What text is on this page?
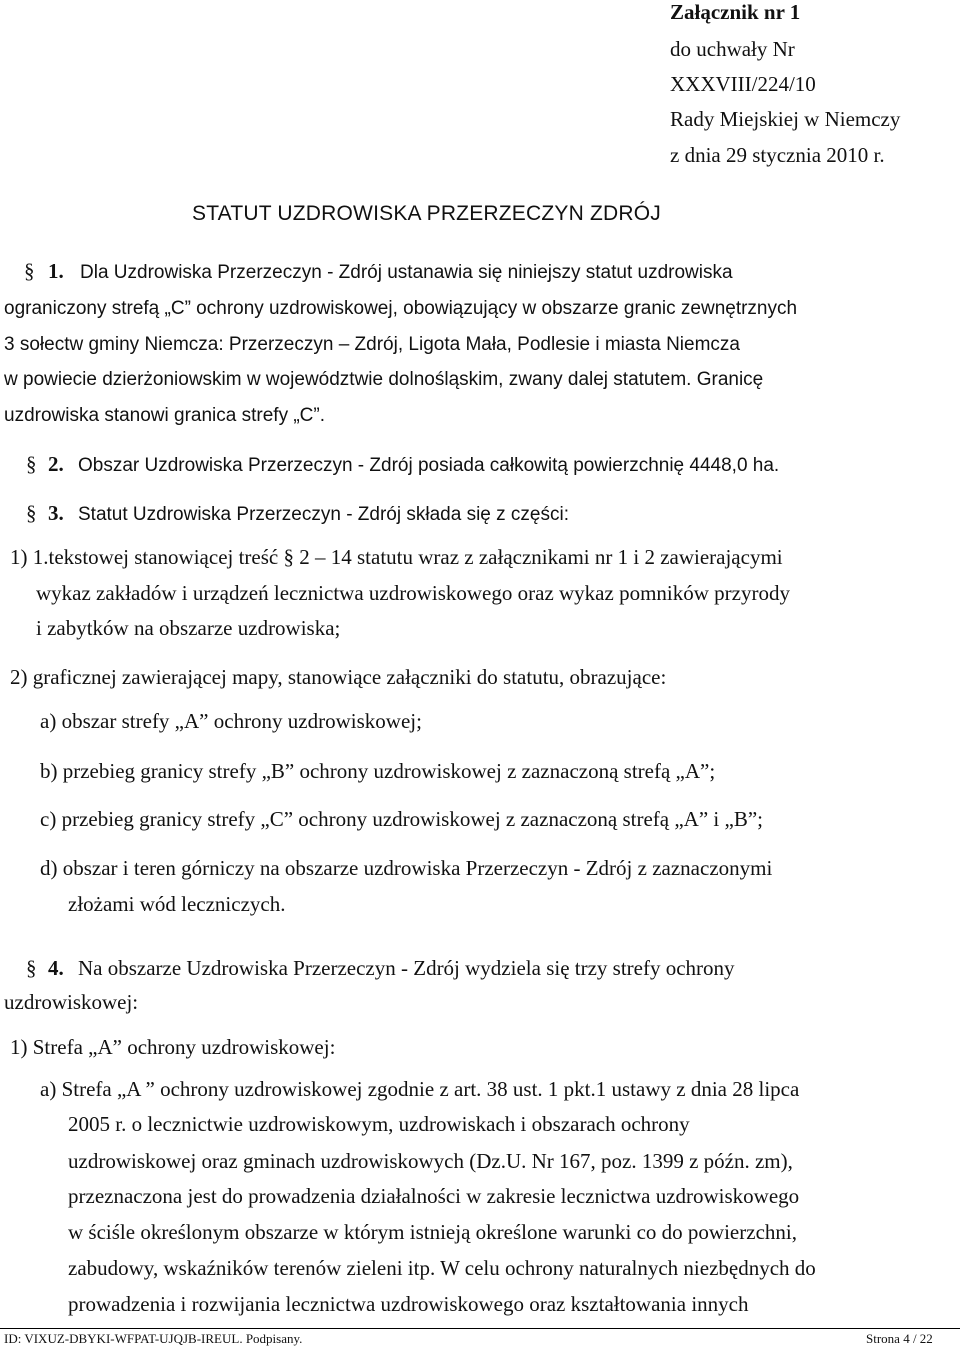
Załącznik nr 1
do uchwały Nr
XXXVIII/224/10
Rady Miejskiej w Niemczy
z dnia 29 stycznia 2010 r.
STATUT UZDROWISKA PRZERZECZYN ZDRÓJ
§ 1. Dla Uzdrowiska Przerzeczyn - Zdrój ustanawia się niniejszy statut uzdrowiska
ograniczony strefą „C” ochrony uzdrowiskowej, obowiązujący w obszarze granic zewnętrznych
3 sołectw gminy Niemcza: Przerzeczyn – Zdrój, Ligota Mała, Podlesie i miasta Niemcza
w powiecie dzierżoniowskim w województwie dolnośląskim, zwany dalej statutem. Granicę
uzdrowiska stanowi granica strefy „C”.
§ 2. Obszar Uzdrowiska Przerzeczyn - Zdrój posiada całkowitą powierzchnię 4448,0 ha.
§ 3. Statut Uzdrowiska Przerzeczyn - Zdrój składa się z części:
1) 1.tekstowej stanowiącej treść § 2 – 14 statutu wraz z załącznikami nr 1 i 2 zawierającymi
wykaz zakładów i urządzeń lecznictwa uzdrowiskowego oraz wykaz pomników przyrody
i zabytków na obszarze uzdrowiska;
2) graficznej zawierającej mapy, stanowiące załączniki do statutu, obrazujące:
a) obszar strefy „A” ochrony uzdrowiskowej;
b) przebieg granicy strefy „B” ochrony uzdrowiskowej z zaznaczoną strefą „A”;
c) przebieg granicy strefy „C” ochrony uzdrowiskowej z zaznaczoną strefą „A” i „B”;
d) obszar i teren górniczy na obszarze uzdrowiska Przerzeczyn - Zdrój z zaznaczonymi
złożami wód leczniczych.
§ 4. Na obszarze Uzdrowiska Przerzeczyn - Zdrój wydziela się trzy strefy ochrony
uzdrowiskowej:
1) Strefa „A” ochrony uzdrowiskowej:
a) Strefa „A ” ochrony uzdrowiskowej zgodnie z art. 38 ust. 1 pkt.1 ustawy z dnia 28 lipca
2005 r. o lecznictwie uzdrowiskowym, uzdrowiskach i obszarach ochrony
uzdrowiskowej oraz gminach uzdrowiskowych (Dz.U. Nr 167, poz. 1399 z późn. zm),
przeznaczona jest do prowadzenia działalności w zakresie lecznictwa uzdrowiskowego
w ściśle określonym obszarze w którym istnieją określone warunki co do powierzchni,
zabudowy, wskaźników terenów zieleni itp. W celu ochrony naturalnych niezbędnych do
prowadzenia i rozwijania lecznictwa uzdrowiskowego oraz kształtowania innych
ID: VIXUZ-DBYKI-WFPAT-UJQJB-IREUL. Podpisany.	Strona 4 / 22
